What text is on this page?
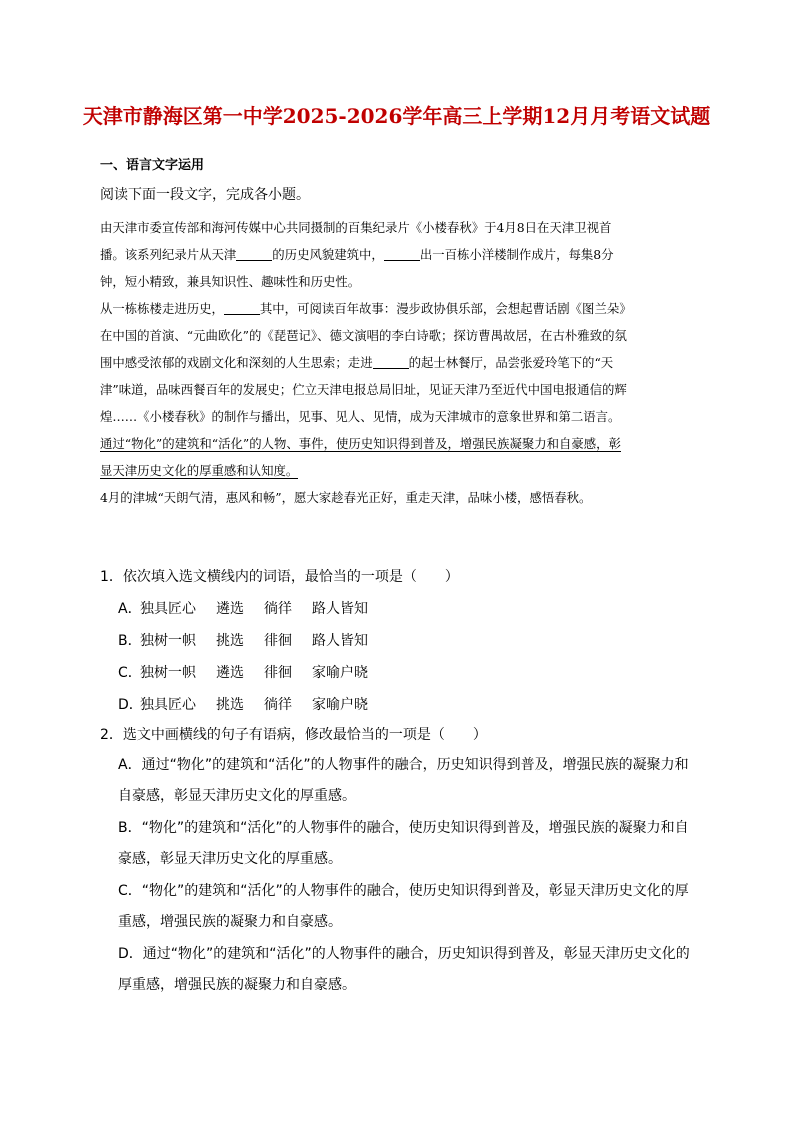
天津市静海区第一中学2025-2026学年高三上学期12月月考语文试题
一、语言文字运用
阅读下面一段文字，完成各小题。
由天津市委宣传部和海河传媒中心共同摄制的百集纪录片《小楼春秋》于4月8日在天津卫视首
播。该系列纪录片从天津	的历史风貌建筑中，	出一百栋小洋楼制作成片，每集8分
钟，短小精致，兼具知识性、趣味性和历史性。
从一栋栋楼走进历史，	其中，可阅读百年故事：漫步政协俱乐部，会想起曹话剧《图兰朵》
在中国的首演、“元曲欧化”的《琵琶记》、德文演唱的李白诗歌；探访曹禺故居，在古朴雅致的氛
围中感受浓郁的戏剧文化和深刻的人生思索；走进	的起士林餐厅，品尝张爱玲笔下的“天
津”味道，品味西餐百年的发展史；伫立天津电报总局旧址，见证天津乃至近代中国电报通信的辉
煌……《小楼春秋》的制作与播出，见事、见人、见情，成为天津城市的意象世界和第二语言。
通过“物化”的建筑和“活化”的人物、事件，使历史知识得到普及，增强民族凝聚力和自豪感，彰
显天津历史文化的厚重感和认知度。
4月的津城“天朗气清，惠风和畅”，愿大家趁春光正好，重走天津，品味小楼，感悟春秋。
1．依次填入选文横线内的词语，最恰当的一项是（　　）
A．独具匠心 遴选 徜徉 路人皆知
B．独树一帜 挑选 徘徊 路人皆知
C．独树一帜 遴选 徘徊 家喻户晓
D．独具匠心 挑选 徜徉 家喻户晓
2．选文中画横线的句子有语病，修改最恰当的一项是（　　）
A．通过“物化”的建筑和“活化”的人物事件的融合，历史知识得到普及，增强民族的凝聚力和
自豪感，彰显天津历史文化的厚重感。
B．“物化”的建筑和“活化”的人物事件的融合，使历史知识得到普及，增强民族的凝聚力和自
豪感，彰显天津历史文化的厚重感。
C．“物化”的建筑和“活化”的人物事件的融合，使历史知识得到普及，彰显天津历史文化的厚
重感，增强民族的凝聚力和自豪感。
D．通过“物化”的建筑和“活化”的人物事件的融合，历史知识得到普及，彰显天津历史文化的
厚重感，增强民族的凝聚力和自豪感。
